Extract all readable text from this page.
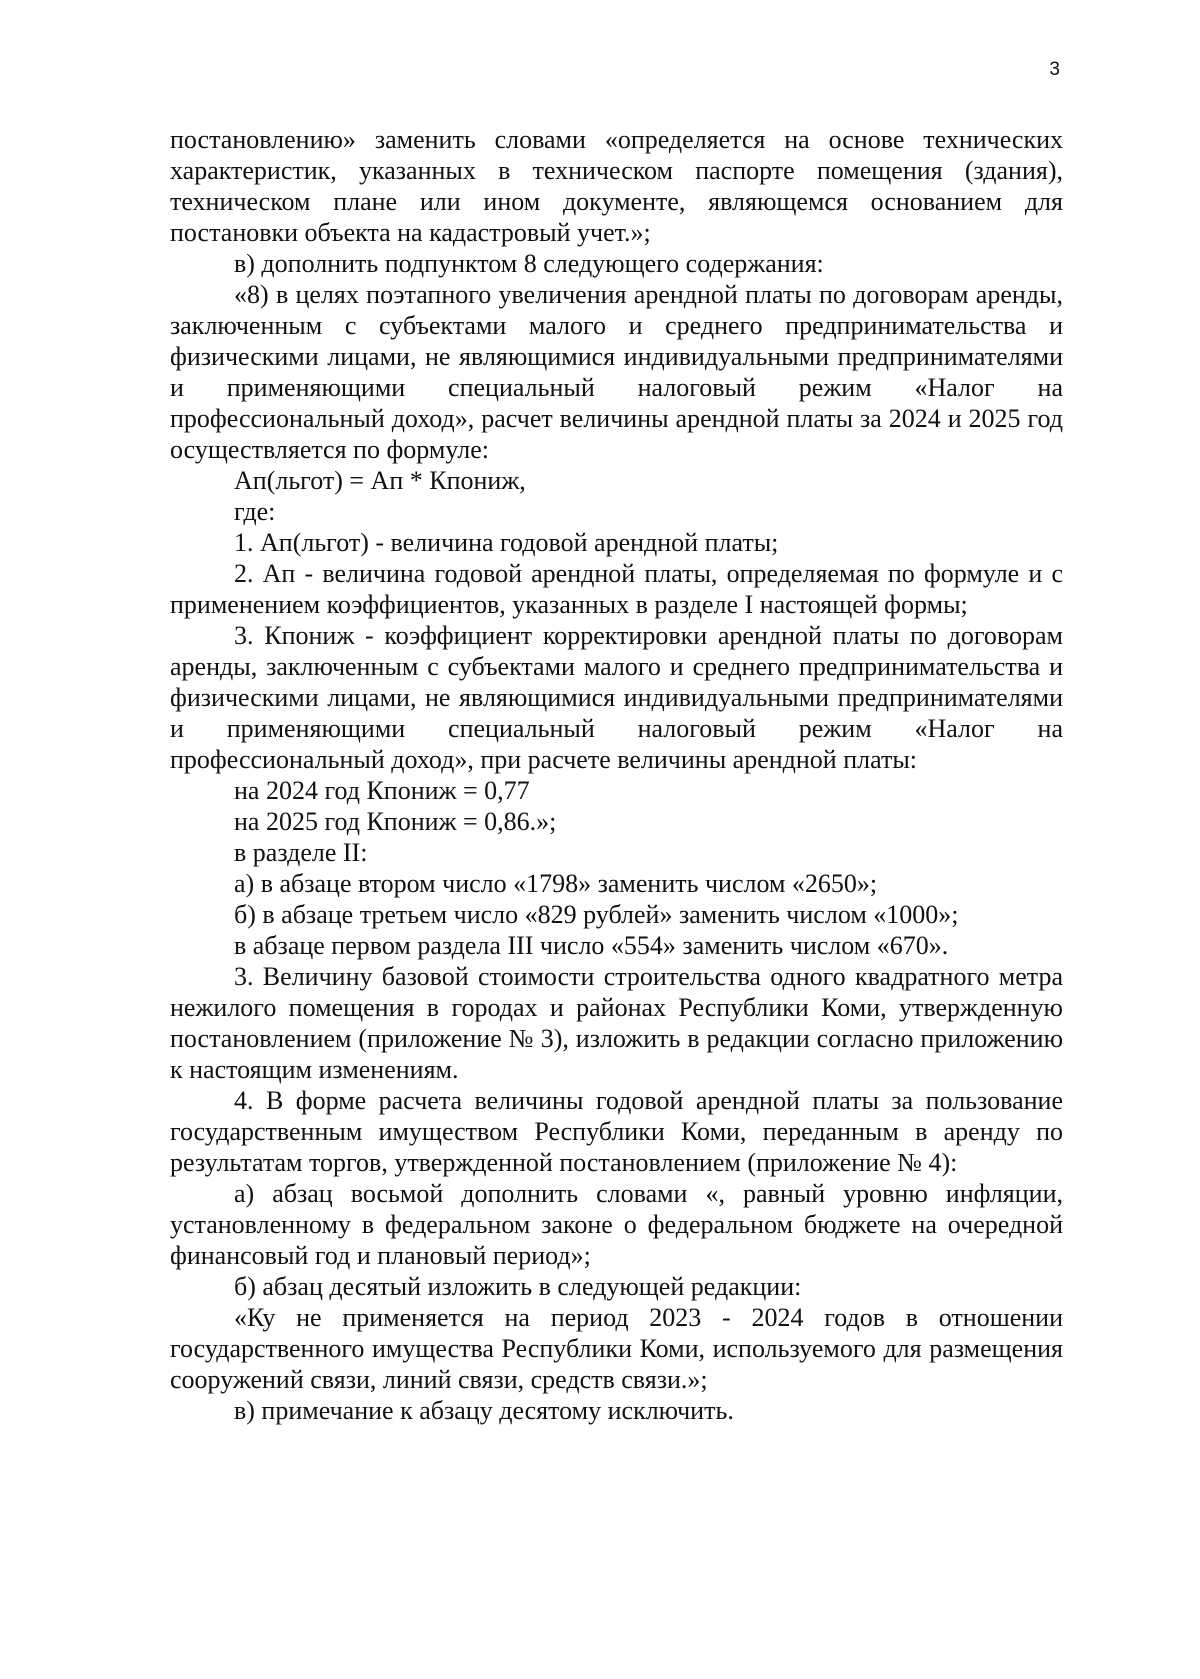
3

постановлению» заменить словами «определяется на основе технических характеристик, указанных в техническом паспорте помещения (здания), техническом плане или ином документе, являющемся основанием для постановки объекта на кадастровый учет.»;

в) дополнить подпунктом 8 следующего содержания:

«8) в целях поэтапного увеличения арендной платы по договорам аренды, заключенным с субъектами малого и среднего предпринимательства и физическими лицами, не являющимися индивидуальными предпринимателями и применяющими специальный налоговый режим «Налог на профессиональный доход», расчет величины арендной платы за 2024 и 2025 год осуществляется по формуле:

Ап(льгот) = Ап * Кпониж,

где:

1. Ап(льгот) - величина годовой арендной платы;

2. Ап - величина годовой арендной платы, определяемая по формуле и с применением коэффициентов, указанных в разделе I настоящей формы;

3. Кпониж - коэффициент корректировки арендной платы по договорам аренды, заключенным с субъектами малого и среднего предпринимательства и физическими лицами, не являющимися индивидуальными предпринимателями и применяющими специальный налоговый режим «Налог на профессиональный доход», при расчете величины арендной платы:

на 2024 год Кпониж = 0,77

на 2025 год Кпониж = 0,86.»;

в разделе II:

а) в абзаце втором число «1798» заменить числом «2650»;

б) в абзаце третьем число «829 рублей» заменить числом «1000»;

в абзаце первом раздела III число «554» заменить числом «670».

3. Величину базовой стоимости строительства одного квадратного метра нежилого помещения в городах и районах Республики Коми, утвержденную постановлением (приложение № 3), изложить в редакции согласно приложению к настоящим изменениям.

4. В форме расчета величины годовой арендной платы за пользование государственным имуществом Республики Коми, переданным в аренду по результатам торгов, утвержденной постановлением (приложение № 4):

а) абзац восьмой дополнить словами «, равный уровню инфляции, установленному в федеральном законе о федеральном бюджете на очередной финансовый год и плановый период»;

б) абзац десятый изложить в следующей редакции:

«Ку не применяется на период 2023 - 2024 годов в отношении государственного имущества Республики Коми, используемого для размещения сооружений связи, линий связи, средств связи.»;

в) примечание к абзацу десятому исключить.
